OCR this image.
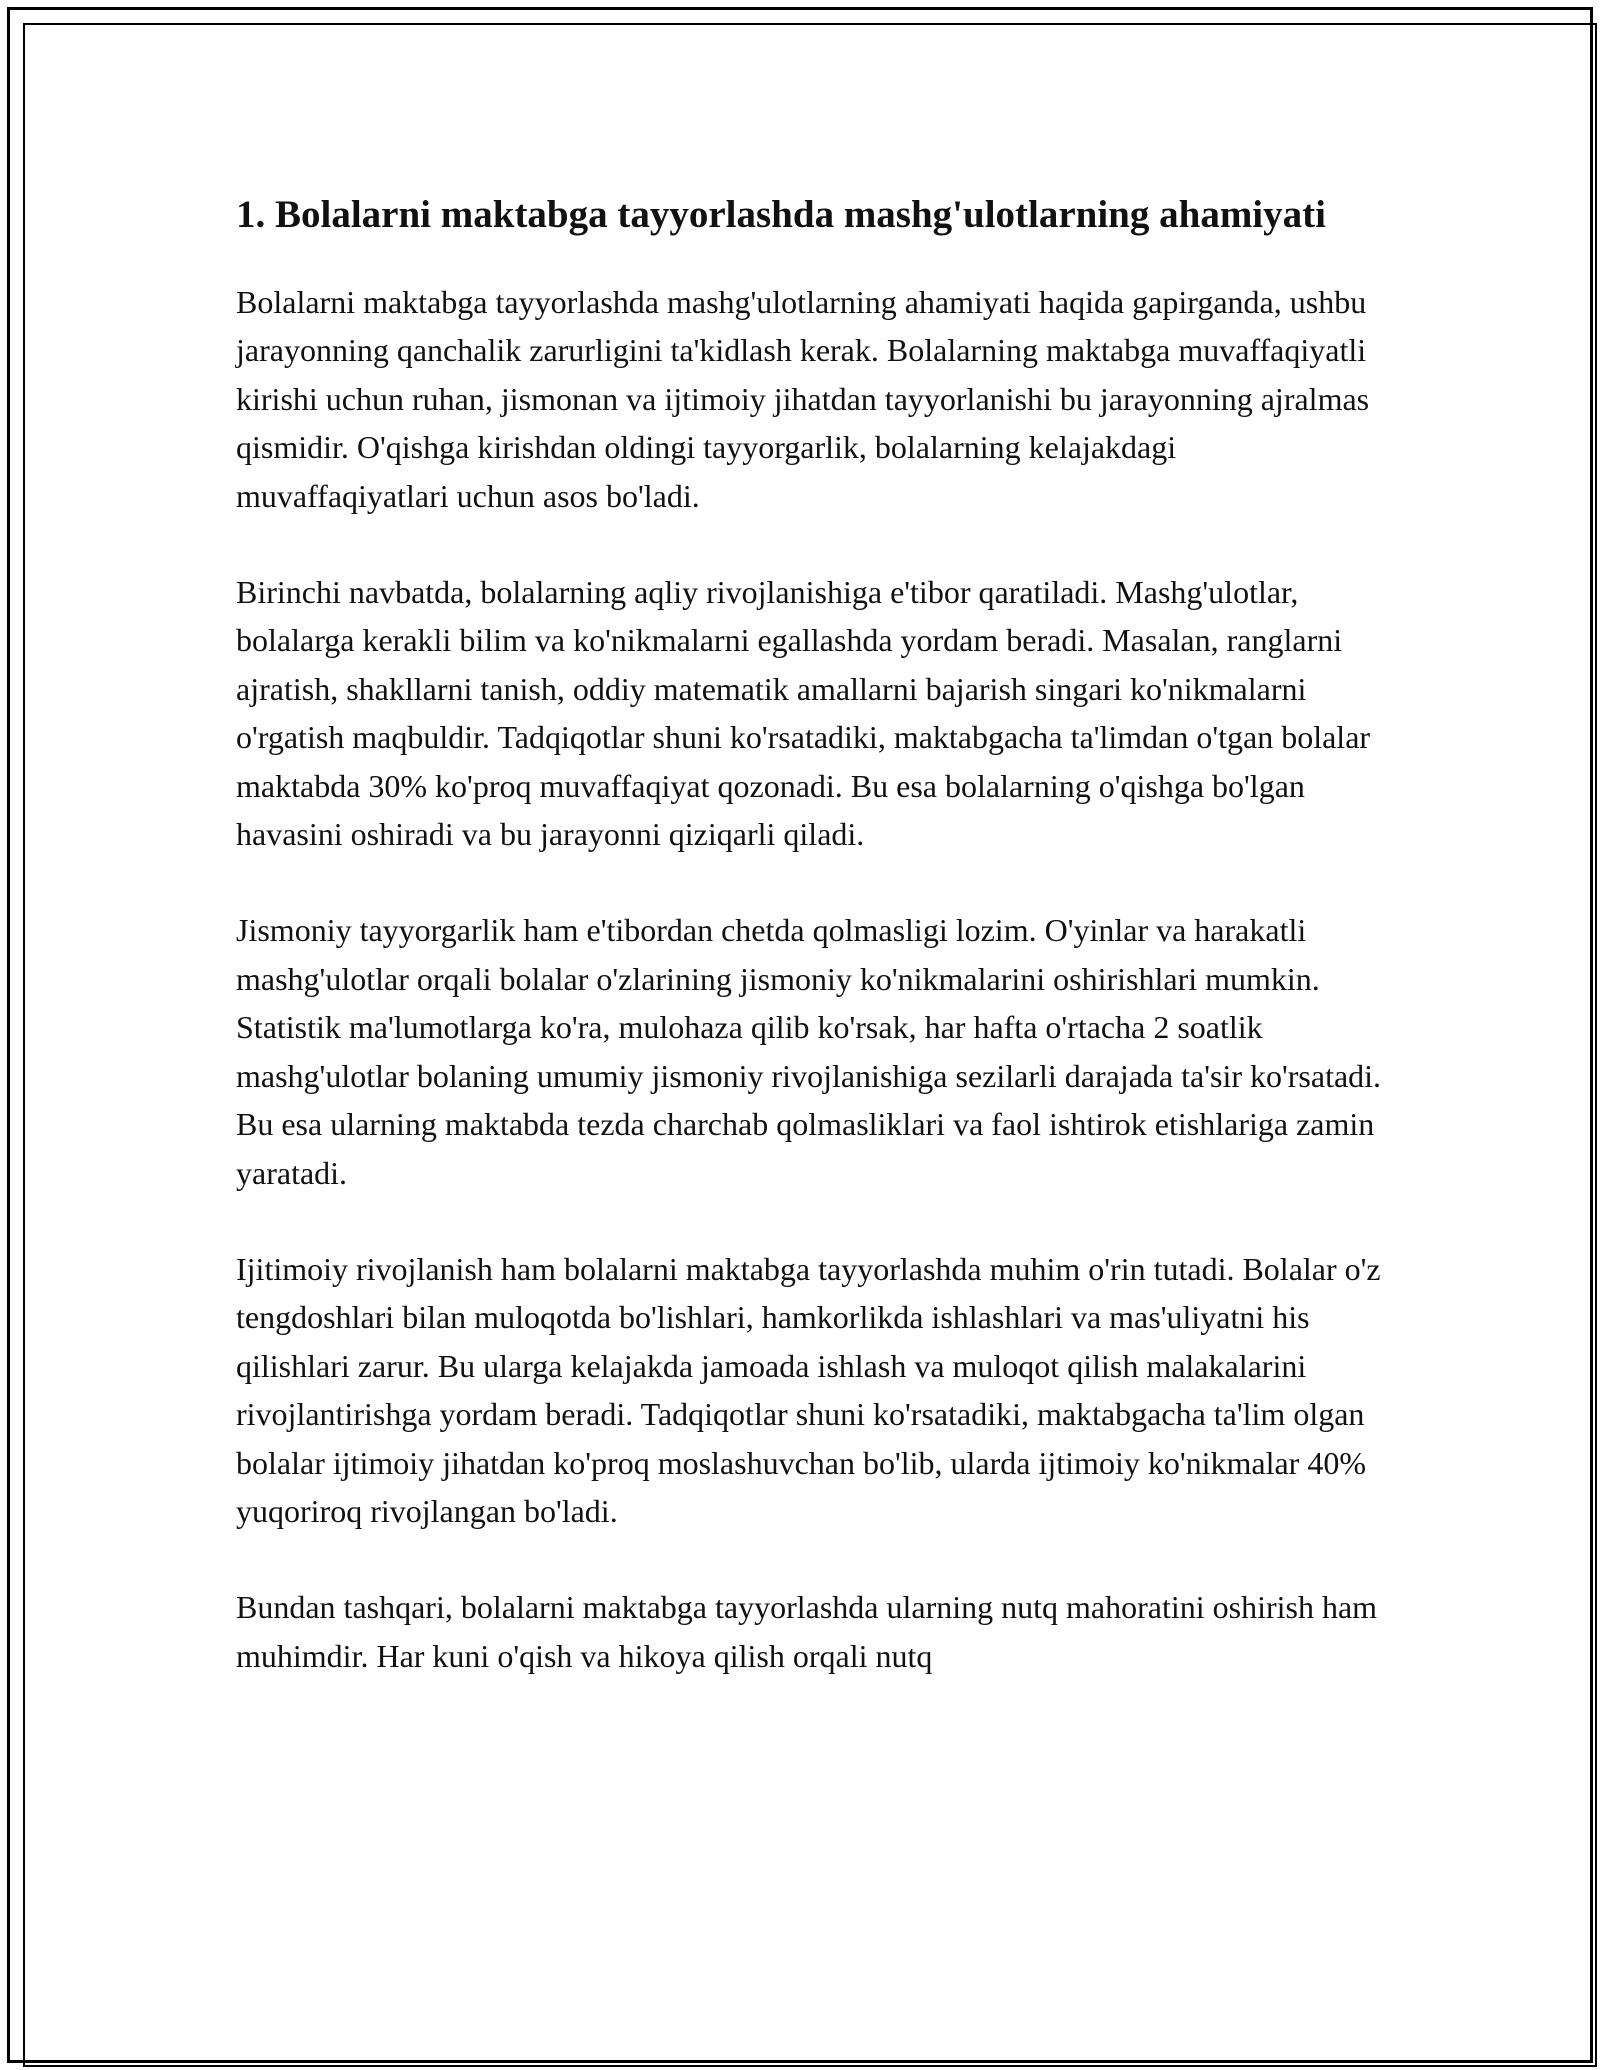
1. Bolalarni maktabga tayyorlashda mashg'ulotlarning ahamiyati

Bolalarni maktabga tayyorlashda mashg'ulotlarning ahamiyati haqida gapirganda, ushbu jarayonning qanchalik zarurligini ta'kidlash kerak. Bolalarning maktabga muvaffaqiyatli kirishi uchun ruhan, jismonan va ijtimoiy jihatdan tayyorlanishi bu jarayonning ajralmas qismidir. O'qishga kirishdan oldingi tayyorgarlik, bolalarning kelajakdagi muvaffaqiyatlari uchun asos bo'ladi.

Birinchi navbatda, bolalarning aqliy rivojlanishiga e'tibor qaratiladi. Mashg'ulotlar, bolalarga kerakli bilim va ko'nikmalarni egallashda yordam beradi. Masalan, ranglarni ajratish, shakllarni tanish, oddiy matematik amallarni bajarish singari ko'nikmalarni o'rgatish maqbuldir. Tadqiqotlar shuni ko'rsatadiki, maktabgacha ta'limdan o'tgan bolalar maktabda 30% ko'proq muvaffaqiyat qozonadi. Bu esa bolalarning o'qishga bo'lgan havasini oshiradi va bu jarayonni qiziqarli qiladi.

Jismoniy tayyorgarlik ham e'tibordan chetda qolmasligi lozim. O'yinlar va harakatli mashg'ulotlar orqali bolalar o'zlarining jismoniy ko'nikmalarini oshirishlari mumkin. Statistik ma'lumotlarga ko'ra, mulohaza qilib ko'rsak, har hafta o'rtacha 2 soatlik mashg'ulotlar bolaning umumiy jismoniy rivojlanishiga sezilarli darajada ta'sir ko'rsatadi. Bu esa ularning maktabda tezda charchab qolmasliklari va faol ishtirok etishlariga zamin yaratadi.

Ijitimoiy rivojlanish ham bolalarni maktabga tayyorlashda muhim o'rin tutadi. Bolalar o'z tengdoshlari bilan muloqotda bo'lishlari, hamkorlikda ishlashlari va mas'uliyatni his qilishlari zarur. Bu ularga kelajakda jamoada ishlash va muloqot qilish malakalarini rivojlantirishga yordam beradi. Tadqiqotlar shuni ko'rsatadiki, maktabgacha ta'lim olgan bolalar ijtimoiy jihatdan ko'proq moslashuvchan bo'lib, ularda ijtimoiy ko'nikmalar 40% yuqoriroq rivojlangan bo'ladi.

Bundan tashqari, bolalarni maktabga tayyorlashda ularning nutq mahoratini oshirish ham muhimdir. Har kuni o'qish va hikoya qilish orqali nutq
